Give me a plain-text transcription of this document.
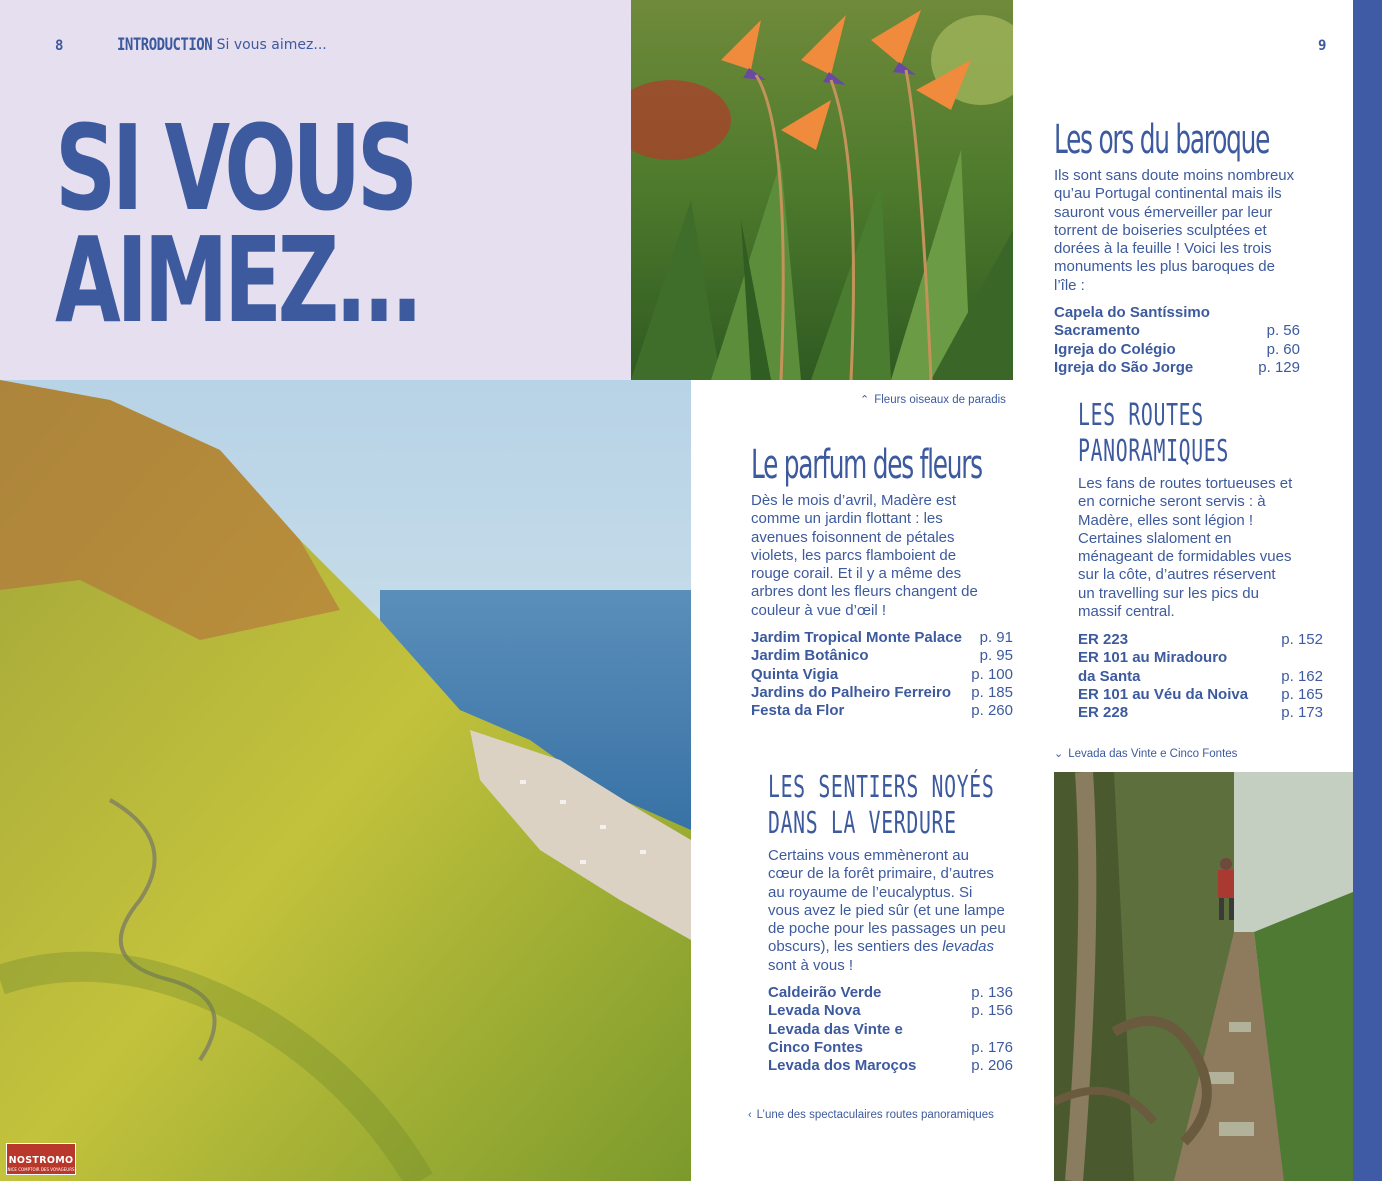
8	INTRODUCTION Si vous aimez...
SI VOUS
AIMEZ...
9
Les ors du baroque
Ils sont sans doute moins nombreux qu’au Portugal continental mais ils sauront vous émerveiller par leur torrent de boiseries sculptées et dorées à la feuille ! Voici les trois monuments les plus baroques de l’île :
Capela do Santíssimo Sacramento	p. 56
Igreja do Colégio	p. 60
Igreja do São Jorge	p. 129
⌃ Fleurs oiseaux de paradis
Le parfum des fleurs
Dès le mois d’avril, Madère est comme un jardin flottant : les avenues foisonnent de pétales violets, les parcs flamboient de rouge corail. Et il y a même des arbres dont les fleurs changent de couleur à vue d’œil !
Jardim Tropical Monte Palace p. 91
Jardim Botânico	p. 95
Quinta Vigia	p. 100
Jardins do Palheiro Ferreiro p. 185
Festa da Flor	p. 260
LES ROUTES
PANORAMIQUES
Les fans de routes tortueuses et en corniche seront servis : à Madère, elles sont légion ! Certaines slaloment en ménageant de formidables vues sur la côte, d’autres réservent un travelling sur les pics du massif central.
ER 223	p. 152
ER 101 au Miradouro da Santa	p. 162
ER 101 au Véu da Noiva p. 165
ER 228	p. 173
⌄ Levada das Vinte e Cinco Fontes
LES SENTIERS NOYÉS
DANS LA VERDURE
Certains vous emmèneront au cœur de la forêt primaire, d’autres au royaume de l’eucalyptus. Si vous avez le pied sûr (et une lampe de poche pour les passages un peu obscurs), les sentiers des levadas sont à vous !
Caldeirão Verde	p. 136
Levada Nova	p. 156
Levada das Vinte e Cinco Fontes	p. 176
Levada dos Maroços	p. 206
‹ L’une des spectaculaires routes panoramiques
NOSTROMO
NICE COMPTOIR DES VOYAGEURS
